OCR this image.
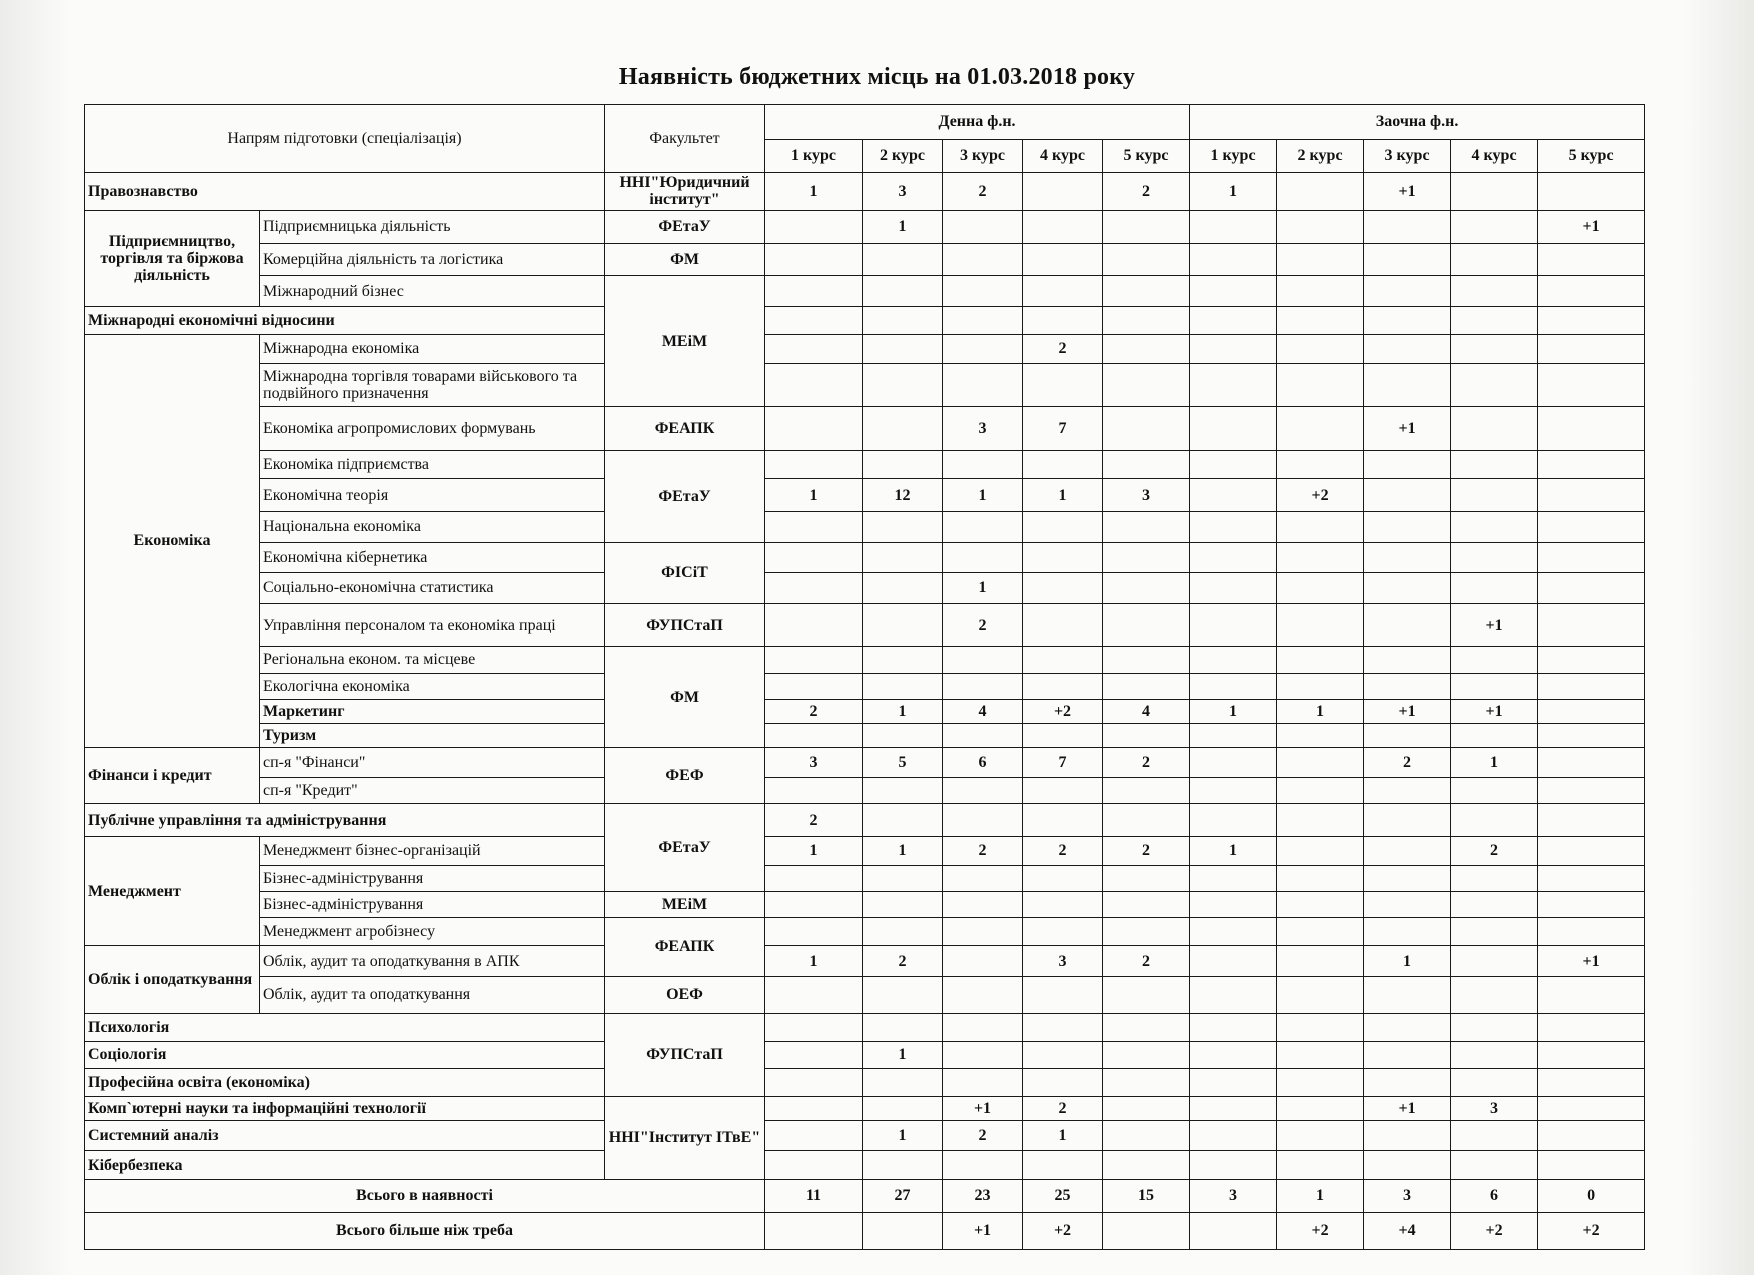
Наявність бюджетних місць на 01.03.2018 року
Напрям підготовки (спеціалізація)		Факультет	Денна ф.н.					Заочна ф.н.				
			1 курс	2 курс	3 курс	4 курс	5 курс	1 курс	2 курс	3 курс	4 курс	5 курс
Правознавство		ННІ"Юридичний інститут"	1	3	2		2	1		+1		
Підприємництво, торгівля та біржова діяльність	Підприємницька діяльність	ФЕтаУ		1								+1
	Комерційна діяльність та логістика	ФМ										
	Міжнародний бізнес	МЕіМ										
Міжнародні економічні відносини												
Економіка	Міжнародна економіка					2						
	Міжнародна торгівля товарами військового та подвійного призначення											
	Економіка агропромислових формувань	ФЕАПК			3	7				+1		
	Економіка підприємства	ФЕтаУ										
	Економічна теорія		1	12	1	1	3		+2			
	Національна економіка											
	Економічна кібернетика	ФІСіТ										
	Соціально-економічна статистика				1							
	Управління персоналом та економіка праці	ФУПСтаП			2						+1	
	Регіональна економ. та місцеве	ФМ										
	Екологічна економіка											
	Маркетинг		2	1	4	+2	4	1	1	+1	+1	
	Туризм											
Фінанси і кредит	сп-я "Фінанси"	ФЕФ	3	5	6	7	2			2	1	
	сп-я "Кредит"											
Публічне управління та адміністрування		ФЕтаУ	2									
Менеджмент	Менеджмент бізнес-організацій		1	1	2	2	2	1			2	
	Бізнес-адміністрування											
	Бізнес-адміністрування	МЕіМ										
	Менеджмент агробізнесу	ФЕАПК										
Облік і оподаткування	Облік, аудит та оподаткування в АПК		1	2		3	2			1		+1
	Облік, аудит та оподаткування	ОЕФ										
Психологія		ФУПСтаП										
Соціологія				1								
Професійна освіта (економіка)												
Комп`ютерні науки та інформаційні технології		ННІ"Інститут ІТвЕ"			+1	2				+1	3	
Системний аналіз				1	2	1						
Кібербезпека												
Всього в наявності			11	27	23	25	15	3	1	3	6	0
Всього більше ніж треба					+1	+2			+2	+4	+2	+2
